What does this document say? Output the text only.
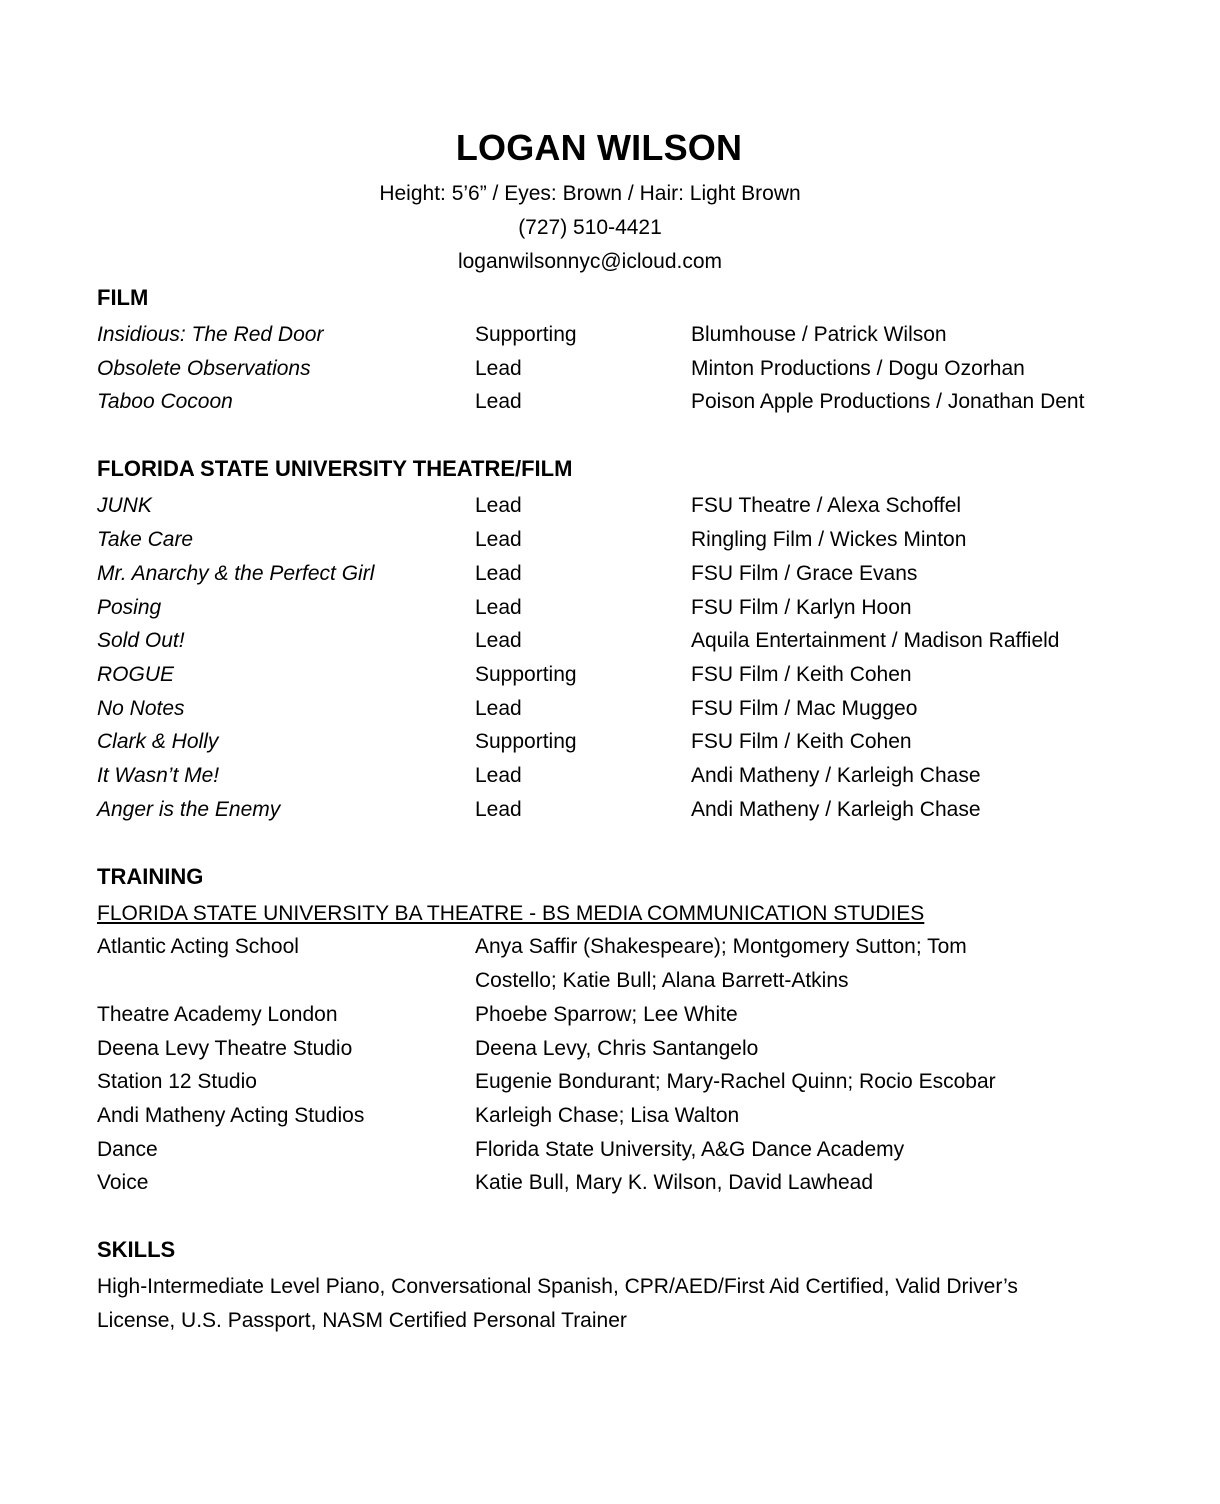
LOGAN WILSON
Height: 5’6” / Eyes: Brown / Hair: Light Brown
(727) 510-4421
loganwilsonnyc@icloud.com
FILM
Insidious: The Red Door	Supporting	Blumhouse / Patrick Wilson
Obsolete Observations	Lead	Minton Productions / Dogu Ozorhan
Taboo Cocoon	Lead	Poison Apple Productions / Jonathan Dent
FLORIDA STATE UNIVERSITY THEATRE/FILM
JUNK	Lead	FSU Theatre / Alexa Schoffel
Take Care	Lead	Ringling Film / Wickes Minton
Mr. Anarchy & the Perfect Girl	Lead	FSU Film / Grace Evans
Posing	Lead	FSU Film / Karlyn Hoon
Sold Out!	Lead	Aquila Entertainment / Madison Raffield
ROGUE	Supporting	FSU Film / Keith Cohen
No Notes	Lead	FSU Film / Mac Muggeo
Clark & Holly	Supporting	FSU Film / Keith Cohen
It Wasn’t Me!	Lead	Andi Matheny / Karleigh Chase
Anger is the Enemy	Lead	Andi Matheny / Karleigh Chase
TRAINING
FLORIDA STATE UNIVERSITY BA THEATRE - BS MEDIA COMMUNICATION STUDIES
Atlantic Acting School	Anya Saffir (Shakespeare); Montgomery Sutton; Tom Costello; Katie Bull; Alana Barrett-Atkins
Theatre Academy London	Phoebe Sparrow; Lee White
Deena Levy Theatre Studio	Deena Levy, Chris Santangelo
Station 12 Studio	Eugenie Bondurant; Mary-Rachel Quinn; Rocio Escobar
Andi Matheny Acting Studios	Karleigh Chase; Lisa Walton
Dance	Florida State University, A&G Dance Academy
Voice	Katie Bull, Mary K. Wilson, David Lawhead
SKILLS
High-Intermediate Level Piano, Conversational Spanish, CPR/AED/First Aid Certified, Valid Driver’s License, U.S. Passport, NASM Certified Personal Trainer
